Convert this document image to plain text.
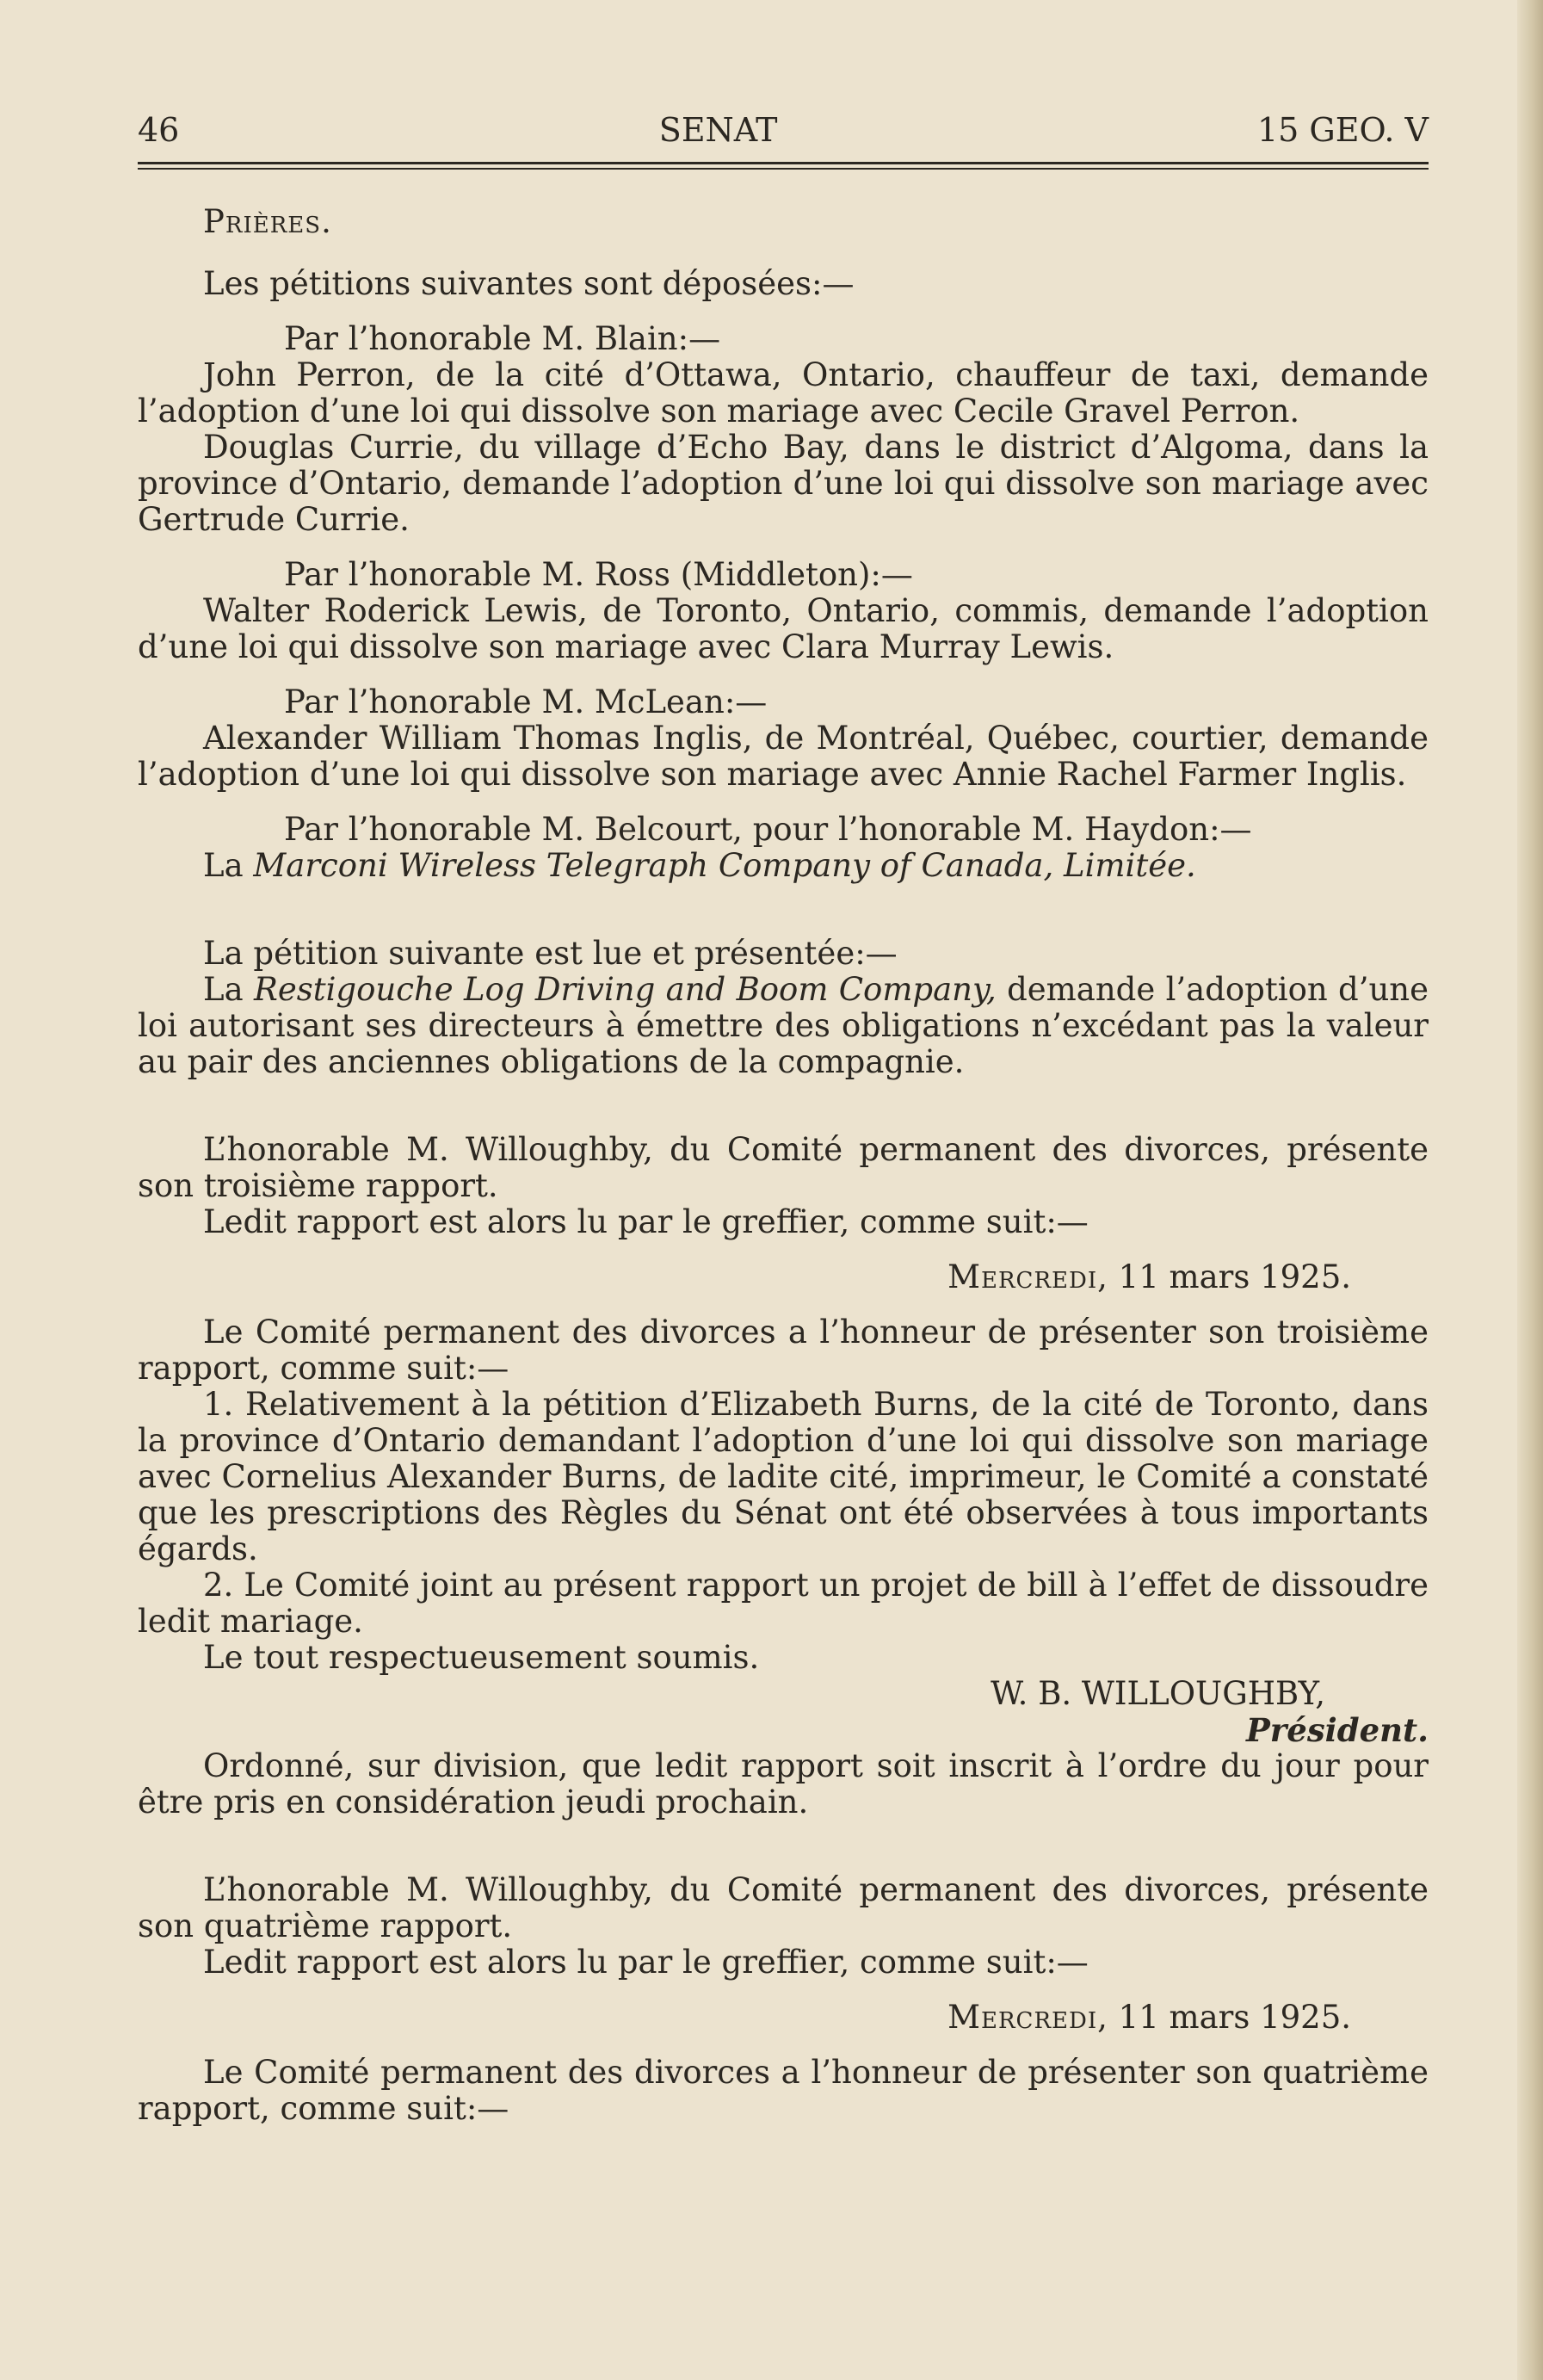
46	SENAT	15 GEO. V

Prières.

Les pétitions suivantes sont déposées:—

Par l’honorable M. Blain:—

John Perron, de la cité d’Ottawa, Ontario, chauffeur de taxi, demande l’adoption d’une loi qui dissolve son mariage avec Cecile Gravel Perron.

Douglas Currie, du village d’Echo Bay, dans le district d’Algoma, dans la province d’Ontario, demande l’adoption d’une loi qui dissolve son mariage avec Gertrude Currie.

Par l’honorable M. Ross (Middleton):—

Walter Roderick Lewis, de Toronto, Ontario, commis, demande l’adoption d’une loi qui dissolve son mariage avec Clara Murray Lewis.

Par l’honorable M. McLean:—

Alexander William Thomas Inglis, de Montréal, Québec, courtier, demande l’adoption d’une loi qui dissolve son mariage avec Annie Rachel Farmer Inglis.

Par l’honorable M. Belcourt, pour l’honorable M. Haydon:—

La Marconi Wireless Telegraph Company of Canada, Limitée.

La pétition suivante est lue et présentée:—

La Restigouche Log Driving and Boom Company, demande l’adoption d’une loi autorisant ses directeurs à émettre des obligations n’excédant pas la valeur au pair des anciennes obligations de la compagnie.

L’honorable M. Willoughby, du Comité permanent des divorces, présente son troisième rapport.

Ledit rapport est alors lu par le greffier, comme suit:—

Mercredi, 11 mars 1925.

Le Comité permanent des divorces a l’honneur de présenter son troisième rapport, comme suit:—

1. Relativement à la pétition d’Elizabeth Burns, de la cité de Toronto, dans la province d’Ontario demandant l’adoption d’une loi qui dissolve son mariage avec Cornelius Alexander Burns, de ladite cité, imprimeur, le Comité a constaté que les prescriptions des Règles du Sénat ont été observées à tous importants égards.

2. Le Comité joint au présent rapport un projet de bill à l’effet de dissoudre ledit mariage.

Le tout respectueusement soumis.

W. B. WILLOUGHBY,

Président.

Ordonné, sur division, que ledit rapport soit inscrit à l’ordre du jour pour être pris en considération jeudi prochain.

L’honorable M. Willoughby, du Comité permanent des divorces, présente son quatrième rapport.

Ledit rapport est alors lu par le greffier, comme suit:—

Mercredi, 11 mars 1925.

Le Comité permanent des divorces a l’honneur de présenter son quatrième rapport, comme suit:—
